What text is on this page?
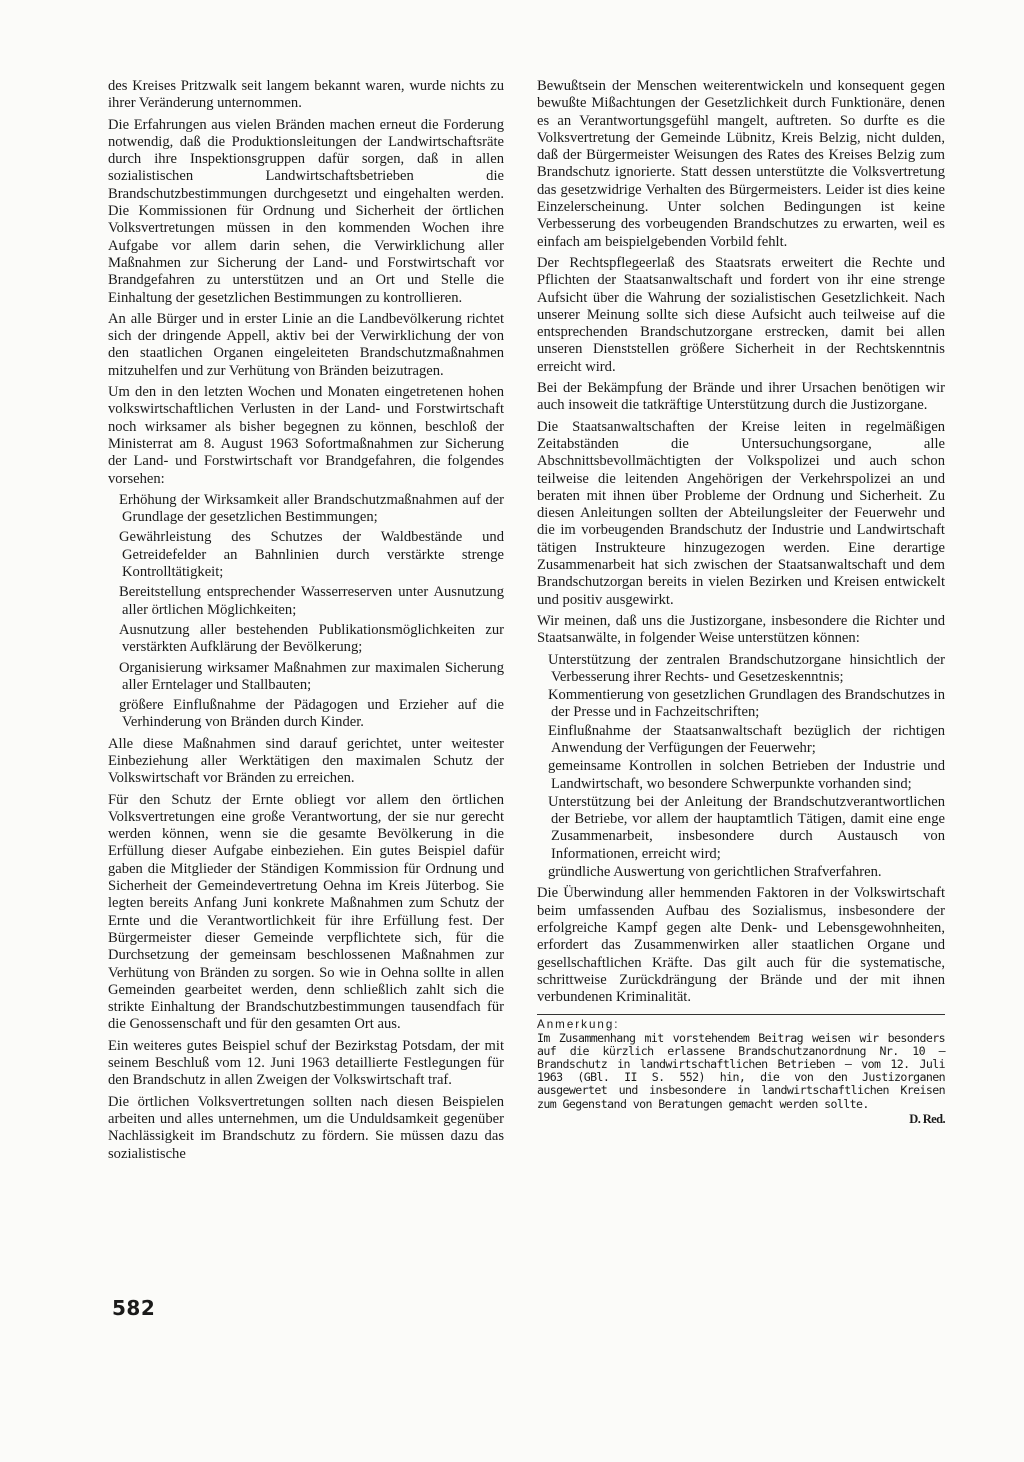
des Kreises Pritzwalk seit langem bekannt waren, wurde nichts zu ihrer Veränderung unternommen.

Die Erfahrungen aus vielen Bränden machen erneut die Forderung notwendig, daß die Produktionsleitungen der Landwirtschaftsräte durch ihre Inspektionsgruppen dafür sorgen, daß in allen sozialistischen Landwirtschaftsbetrieben die Brandschutzbestimmungen durchgesetzt und eingehalten werden. Die Kommissionen für Ordnung und Sicherheit der örtlichen Volksvertretungen müssen in den kommenden Wochen ihre Aufgabe vor allem darin sehen, die Verwirklichung aller Maßnahmen zur Sicherung der Land- und Forstwirtschaft vor Brandgefahren zu unterstützen und an Ort und Stelle die Einhaltung der gesetzlichen Bestimmungen zu kontrollieren.

An alle Bürger und in erster Linie an die Landbevölkerung richtet sich der dringende Appell, aktiv bei der Verwirklichung der von den staatlichen Organen eingeleiteten Brandschutzmaßnahmen mitzuhelfen und zur Verhütung von Bränden beizutragen.

Um den in den letzten Wochen und Monaten eingetretenen hohen volkswirtschaftlichen Verlusten in der Land- und Forstwirtschaft noch wirksamer als bisher begegnen zu können, beschloß der Ministerrat am 8. August 1963 Sofortmaßnahmen zur Sicherung der Land- und Forstwirtschaft vor Brandgefahren, die folgendes vorsehen:

Erhöhung der Wirksamkeit aller Brandschutzmaßnahmen auf der Grundlage der gesetzlichen Bestimmungen;
Gewährleistung des Schutzes der Waldbestände und Getreidefelder an Bahnlinien durch verstärkte strenge Kontrolltätigkeit;
Bereitstellung entsprechender Wasserreserven unter Ausnutzung aller örtlichen Möglichkeiten;
Ausnutzung aller bestehenden Publikationsmöglichkeiten zur verstärkten Aufklärung der Bevölkerung;
Organisierung wirksamer Maßnahmen zur maximalen Sicherung aller Erntelager und Stallbauten;
größere Einflußnahme der Pädagogen und Erzieher auf die Verhinderung von Bränden durch Kinder.

Alle diese Maßnahmen sind darauf gerichtet, unter weitester Einbeziehung aller Werktätigen den maximalen Schutz der Volkswirtschaft vor Bränden zu erreichen.

Für den Schutz der Ernte obliegt vor allem den örtlichen Volksvertretungen eine große Verantwortung, der sie nur gerecht werden können, wenn sie die gesamte Bevölkerung in die Erfüllung dieser Aufgabe einbeziehen. Ein gutes Beispiel dafür gaben die Mitglieder der Ständigen Kommission für Ordnung und Sicherheit der Gemeindevertretung Oehna im Kreis Jüterbog. Sie legten bereits Anfang Juni konkrete Maßnahmen zum Schutz der Ernte und die Verantwortlichkeit für ihre Erfüllung fest. Der Bürgermeister dieser Gemeinde verpflichtete sich, für die Durchsetzung der gemeinsam beschlossenen Maßnahmen zur Verhütung von Bränden zu sorgen. So wie in Oehna sollte in allen Gemeinden gearbeitet werden, denn schließlich zahlt sich die strikte Einhaltung der Brandschutzbestimmungen tausendfach für die Genossenschaft und für den gesamten Ort aus.

Ein weiteres gutes Beispiel schuf der Bezirkstag Potsdam, der mit seinem Beschluß vom 12. Juni 1963 detaillierte Festlegungen für den Brandschutz in allen Zweigen der Volkswirtschaft traf.

Die örtlichen Volksvertretungen sollten nach diesen Beispielen arbeiten und alles unternehmen, um die Unduldsamkeit gegenüber Nachlässigkeit im Brandschutz zu fördern. Sie müssen dazu das sozialistische

Bewußtsein der Menschen weiterentwickeln und konsequent gegen bewußte Mißachtungen der Gesetzlichkeit durch Funktionäre, denen es an Verantwortungsgefühl mangelt, auftreten. So durfte es die Volksvertretung der Gemeinde Lübnitz, Kreis Belzig, nicht dulden, daß der Bürgermeister Weisungen des Rates des Kreises Belzig zum Brandschutz ignorierte. Statt dessen unterstützte die Volksvertretung das gesetzwidrige Verhalten des Bürgermeisters. Leider ist dies keine Einzelerscheinung. Unter solchen Bedingungen ist keine Verbesserung des vorbeugenden Brandschutzes zu erwarten, weil es einfach am beispielgebenden Vorbild fehlt.

Der Rechtspflegeerlaß des Staatsrats erweitert die Rechte und Pflichten der Staatsanwaltschaft und fordert von ihr eine strenge Aufsicht über die Wahrung der sozialistischen Gesetzlichkeit. Nach unserer Meinung sollte sich diese Aufsicht auch teilweise auf die entsprechenden Brandschutzorgane erstrecken, damit bei allen unseren Dienststellen größere Sicherheit in der Rechtskenntnis erreicht wird.

Bei der Bekämpfung der Brände und ihrer Ursachen benötigen wir auch insoweit die tatkräftige Unterstützung durch die Justizorgane.

Die Staatsanwaltschaften der Kreise leiten in regelmäßigen Zeitabständen die Untersuchungsorgane, alle Abschnittsbevollmächtigten der Volkspolizei und auch schon teilweise die leitenden Angehörigen der Verkehrspolizei an und beraten mit ihnen über Probleme der Ordnung und Sicherheit. Zu diesen Anleitungen sollten der Abteilungsleiter der Feuerwehr und die im vorbeugenden Brandschutz der Industrie und Landwirtschaft tätigen Instrukteure hinzugezogen werden. Eine derartige Zusammenarbeit hat sich zwischen der Staatsanwaltschaft und dem Brandschutzorgan bereits in vielen Bezirken und Kreisen entwickelt und positiv ausgewirkt.

Wir meinen, daß uns die Justizorgane, insbesondere die Richter und Staatsanwälte, in folgender Weise unterstützen können:

Unterstützung der zentralen Brandschutzorgane hinsichtlich der Verbesserung ihrer Rechts- und Gesetzeskenntnis;
Kommentierung von gesetzlichen Grundlagen des Brandschutzes in der Presse und in Fachzeitschriften;
Einflußnahme der Staatsanwaltschaft bezüglich der richtigen Anwendung der Verfügungen der Feuerwehr;
gemeinsame Kontrollen in solchen Betrieben der Industrie und Landwirtschaft, wo besondere Schwerpunkte vorhanden sind;
Unterstützung bei der Anleitung der Brandschutzverantwortlichen der Betriebe, vor allem der hauptamtlich Tätigen, damit eine enge Zusammenarbeit, insbesondere durch Austausch von Informationen, erreicht wird;
gründliche Auswertung von gerichtlichen Strafverfahren.

Die Überwindung aller hemmenden Faktoren in der Volkswirtschaft beim umfassenden Aufbau des Sozialismus, insbesondere der erfolgreiche Kampf gegen alte Denk- und Lebensgewohnheiten, erfordert das Zusammenwirken aller staatlichen Organe und gesellschaftlichen Kräfte. Das gilt auch für die systematische, schrittweise Zurückdrängung der Brände und der mit ihnen verbundenen Kriminalität.

Anmerkung:
Im Zusammenhang mit vorstehendem Beitrag weisen wir besonders auf die kürzlich erlassene Brandschutzanordnung Nr. 10 – Brandschutz in landwirtschaftlichen Betrieben – vom 12. Juli 1963 (GBl. II S. 552) hin, die von den Justizorganen ausgewertet und insbesondere in landwirtschaftlichen Kreisen zum Gegenstand von Beratungen gemacht werden sollte.
D. Red.
582
